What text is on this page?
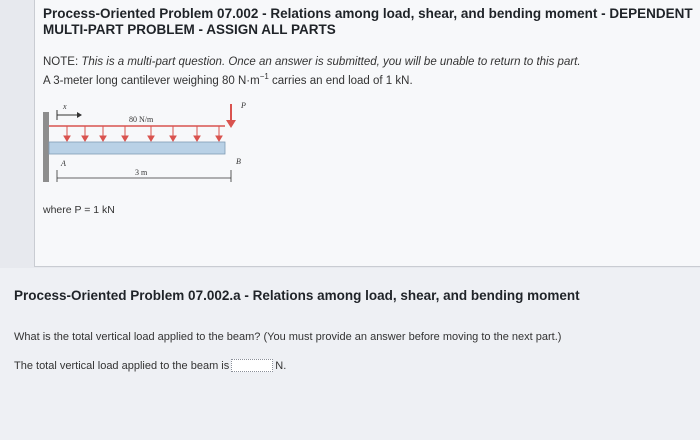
Process-Oriented Problem 07.002 - Relations among load, shear, and bending moment - DEPENDENT MULTI-PART PROBLEM - ASSIGN ALL PARTS
NOTE: This is a multi-part question. Once an answer is submitted, you will be unable to return to this part.
A 3-meter long cantilever weighing 80 $N\cdot m^{-1}$ carries an end load of 1 kN.
x
80 N/m
P
3 m
A	B
where P = 1 kN
Process-Oriented Problem 07.002.a - Relations among load, shear, and bending moment
What is the total vertical load applied to the beam? (You must provide an answer before moving to the next part.)
The total vertical load applied to the beam is	N.
